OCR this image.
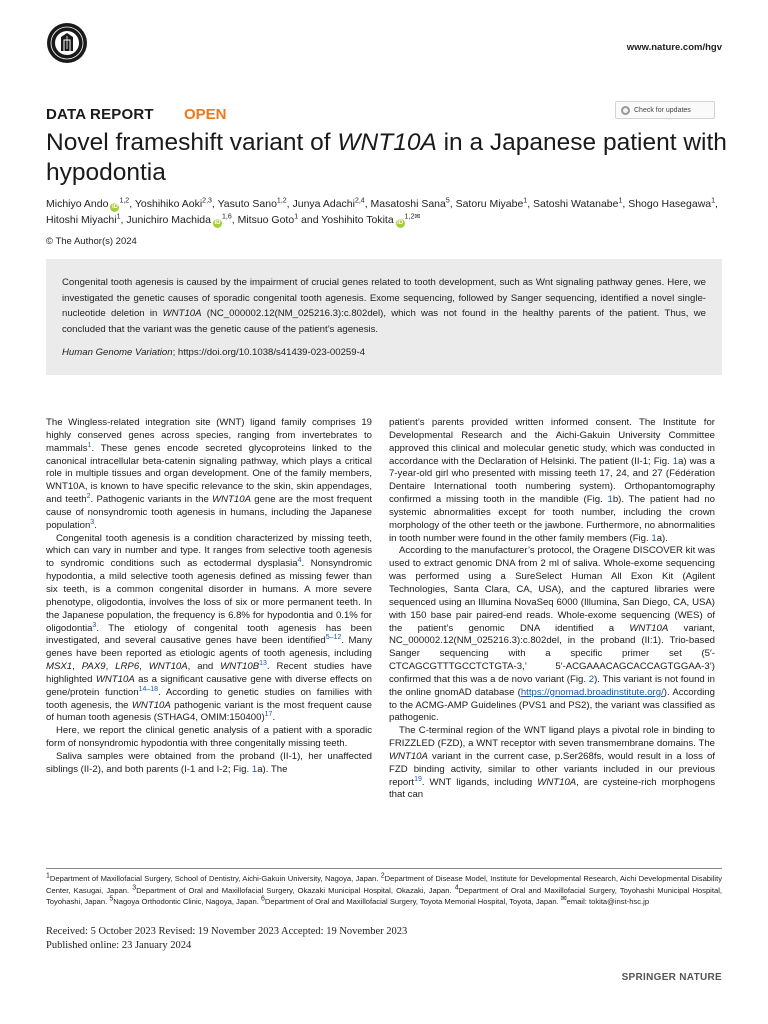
www.nature.com/hgv
DATA REPORT OPEN	Check for updates
Novel frameshift variant of WNT10A in a Japanese patient with hypodontia
Michiyo Ando iD$^{1,2}$, Yoshihiko Aoki$^{2,3}$, Yasuto Sano$^{1,2}$, Junya Adachi$^{2,4}$, Masatoshi Sana$^5$, Satoru Miyabe$^1$, Satoshi Watanabe$^1$, Shogo Hasegawa$^1$, Hitoshi Miyachi$^1$, Junichiro Machida iD$^{1,6}$, Mitsuo Goto$^1$ and Yoshihito Tokita $iD^{1,2✉}$
© The Author(s) 2024
Congenital tooth agenesis is caused by the impairment of crucial genes related to tooth development, such as Wnt signaling pathway genes. Here, we investigated the genetic causes of sporadic congenital tooth agenesis. Exome sequencing, followed by Sanger sequencing, identified a novel single-nucleotide deletion in WNT10A (NC_000002.12(NM_025216.3):c.802del), which was not found in the healthy parents of the patient. Thus, we concluded that the variant was the genetic cause of the patient’s agenesis.
Human Genome Variation; https://doi.org/10.1038/s41439-023-00259-4

The Wingless-related integration site (WNT) ligand family comprises 19 highly conserved genes across species, ranging from invertebrates to mammals$^1$. These genes encode secreted glycoproteins linked to the canonical intracellular beta-catenin signaling pathway, which plays a critical role in multiple tissues and organ development. One of the family members, WNT10A, is known to have specific relevance to the skin, skin appendages, and teeth$^2$. Pathogenic variants in the WNT10A gene are the most frequent cause of nonsyndromic tooth agenesis in humans, including the Japanese population$^3$.

Congenital tooth agenesis is a condition characterized by missing teeth, which can vary in number and type. It ranges from selective tooth agenesis to syndromic conditions such as ectodermal dysplasia$^4$. Nonsyndromic hypodontia, a mild selective tooth agenesis defined as missing fewer than six teeth, is a common congenital disorder in humans. A more severe phenotype, oligodontia, involves the loss of six or more permanent teeth. In the Japanese population, the frequency is 6.8% for hypodontia and 0.1% for oligodontia$^3$. The etiology of congenital tooth agenesis has been investigated, and several causative genes have been identified$^{5-12}$. Many genes have been reported as etiologic agents of tooth agenesis, including MSX1, PAX9, LRP6, WNT10A, and WNT10B$^{13}$. Recent studies have highlighted WNT10A as a significant causative gene with diverse effects on gene/protein function$^{14-18}$. According to genetic studies on families with tooth agenesis, the WNT10A pathogenic variant is the most frequent cause of human tooth agenesis (STHAG4, OMIM:150400)$^{17}$.

Here, we report the clinical genetic analysis of a patient with a sporadic form of nonsyndromic hypodontia with three congenitally missing teeth.

Saliva samples were obtained from the proband (II-1), her unaffected siblings (II-2), and both parents (I-1 and I-2; Fig. 1a). The

patient’s parents provided written informed consent. The Institute for Developmental Research and the Aichi-Gakuin University Committee approved this clinical and molecular genetic study, which was conducted in accordance with the Declaration of Helsinki. The patient (II-1; Fig. 1a) was a 7-year-old girl who presented with missing teeth 17, 24, and 27 (Fédération Dentaire International tooth numbering system). Orthopantomography confirmed a missing tooth in the mandible (Fig. 1b). The patient had no systemic abnormalities except for tooth number, including the crown morphology of the other teeth or the jawbone. Furthermore, no abnormalities in tooth number were found in the other family members (Fig. 1a).

According to the manufacturer’s protocol, the Oragene DISCOVER kit was used to extract genomic DNA from 2 ml of saliva. Whole-exome sequencing was performed using a SureSelect Human All Exon Kit (Agilent Technologies, Santa Clara, CA, USA), and the captured libraries were sequenced using an Illumina NovaSeq 6000 (Illumina, San Diego, CA, USA) with 150 base pair paired-end reads. Whole-exome sequencing (WES) of the patient’s genomic DNA identified a WNT10A variant, NC_000002.12(NM_025216.3):c.802del, in the proband (II:1). Trio-based Sanger sequencing with a specific primer set (5′-CTCAGCGTTTGCCTCTGTA-3,’ 5′-ACGAAACAGCACCAGTGGAA-3’) confirmed that this was a de novo variant (Fig. 2). This variant is not found in the online gnomAD database (https://gnomad.broadinstitute.org/). According to the ACMG-AMP Guidelines (PVS1 and PS2), the variant was classified as pathogenic.

The C-terminal region of the WNT ligand plays a pivotal role in binding to FRIZZLED (FZD), a WNT receptor with seven transmembrane domains. The WNT10A variant in the current case, p.Ser268fs, would result in a loss of FZD binding activity, similar to other variants included in our previous report$^{19}$. WNT ligands, including WNT10A, are cysteine-rich morphogens that can

$^1$Department of Maxillofacial Surgery, School of Dentistry, Aichi-Gakuin University, Nagoya, Japan. $^2$Department of Disease Model, Institute for Developmental Research, Aichi Developmental Disability Center, Kasugai, Japan. $^3$Department of Oral and Maxillofacial Surgery, Okazaki Municipal Hospital, Okazaki, Japan. $^4$Department of Oral and Maxillofacial Surgery, Toyohashi Municipal Hospital, Toyohashi, Japan. $^5$Nagoya Orthodontic Clinic, Nagoya, Japan. $^6$Department of Oral and Maxillofacial Surgery, Toyota Memorial Hospital, Toyota, Japan. ✉email: tokita@inst-hsc.jp
Received: 5 October 2023 Revised: 19 November 2023 Accepted: 19 November 2023
Published online: 23 January 2024
SPRINGER NATURE
